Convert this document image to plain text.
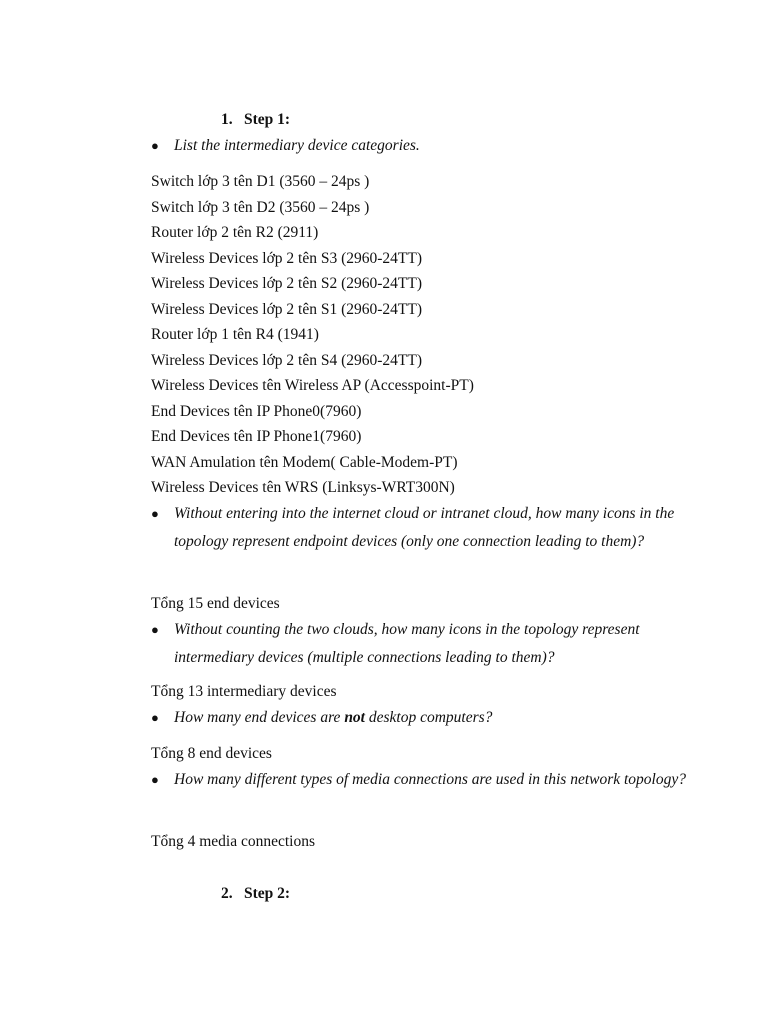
1. Step 1:
● List the intermediary device categories.
Switch lớp 3 tên D1 (3560 – 24ps )
Switch lớp 3 tên D2 (3560 – 24ps )
Router lớp 2 tên R2 (2911)
Wireless Devices lớp 2 tên S3 (2960-24TT)
Wireless Devices lớp 2 tên S2 (2960-24TT)
Wireless Devices lớp 2 tên S1 (2960-24TT)
Router lớp 1 tên R4 (1941)
Wireless Devices lớp 2 tên S4 (2960-24TT)
Wireless Devices tên Wireless AP (Accesspoint-PT)
End Devices tên IP Phone0(7960)
End Devices tên IP Phone1(7960)
WAN Amulation tên Modem( Cable-Modem-PT)
Wireless Devices tên WRS (Linksys-WRT300N)
● Without entering into the internet cloud or intranet cloud, how many icons in the topology represent endpoint devices (only one connection leading to them)?
Tổng 15 end devices
● Without counting the two clouds, how many icons in the topology represent intermediary devices (multiple connections leading to them)?
Tổng 13 intermediary devices
● How many end devices are not desktop computers?
Tổng 8 end devices
● How many different types of media connections are used in this network topology?
Tổng 4 media connections
2. Step 2:
